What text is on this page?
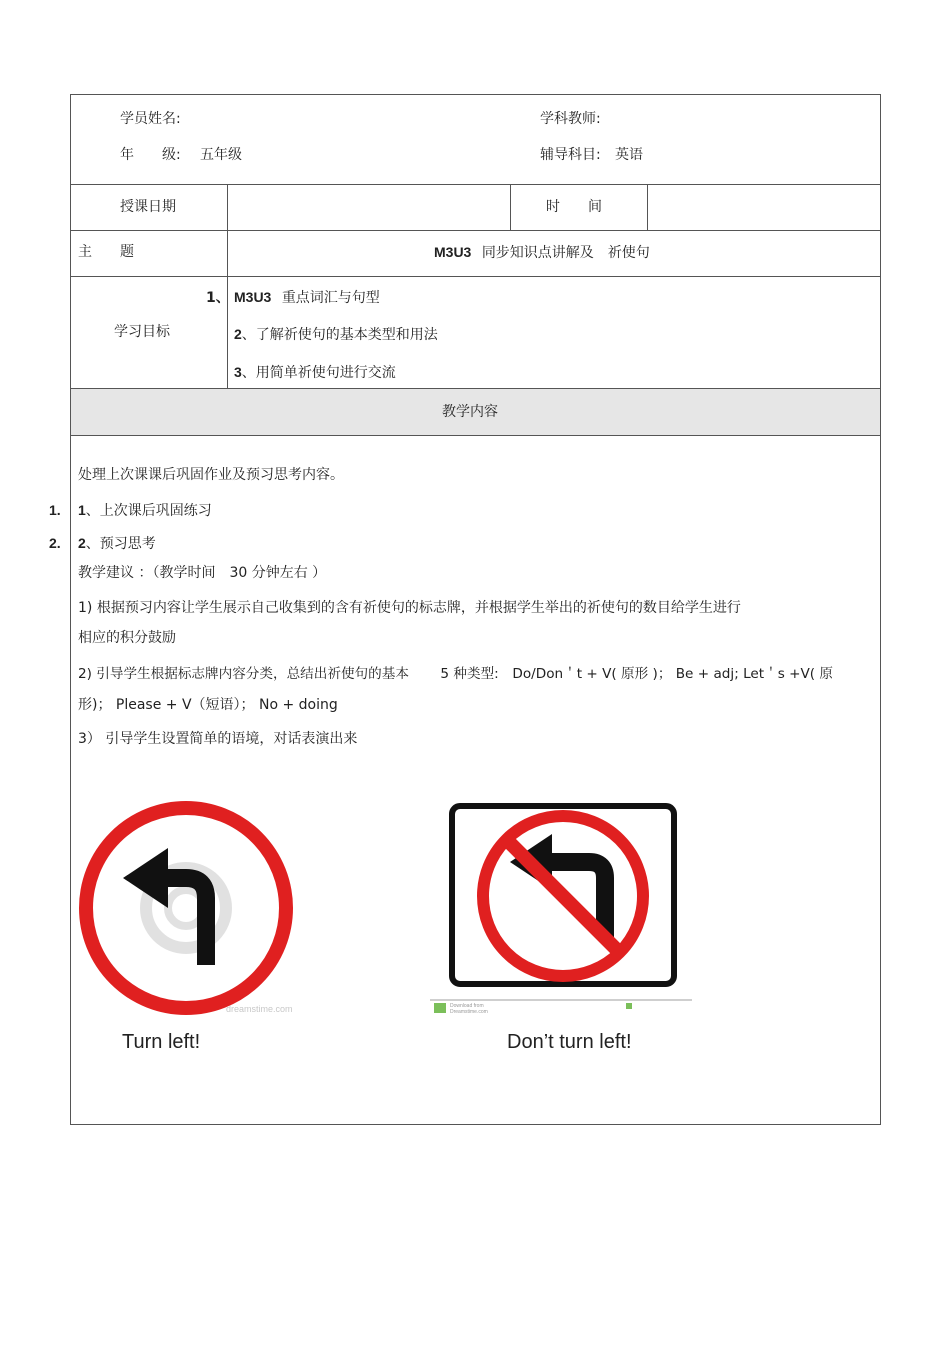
学员姓名:	学科教师:
年　　级: 五年级	辅导科目: 英语
授课日期	时　　间
主　　题	M3U3 同步知识点讲解及　祈使句
学习目标
1、 M3U3 重点词汇与句型
2、了解祈使句的基本类型和用法
3、用简单祈使句进行交流
教学内容
处理上次课课后巩固作业及预习思考内容。
1. 1、上次课后巩固练习
2. 2、预习思考
教学建议 ：（教学时间　30 分钟左右 ）
1) 根据预习内容让学生展示自己收集到的含有祈使句的标志牌，并根据学生举出的祈使句的数目给学生进行
相应的积分鼓励
2) 引导学生根据标志牌内容分类，总结出祈使句的基本　　 5 种类型:　Do/Don＇t + V( 原形 )； Be + adj; Let＇s +V( 原
形)； Please + V（短语）； No + doing
3） 引导学生设置简单的语境，对话表演出来
dreamstime.com	Download from
Dreamstime.com
Turn left!	Don’t turn left!
